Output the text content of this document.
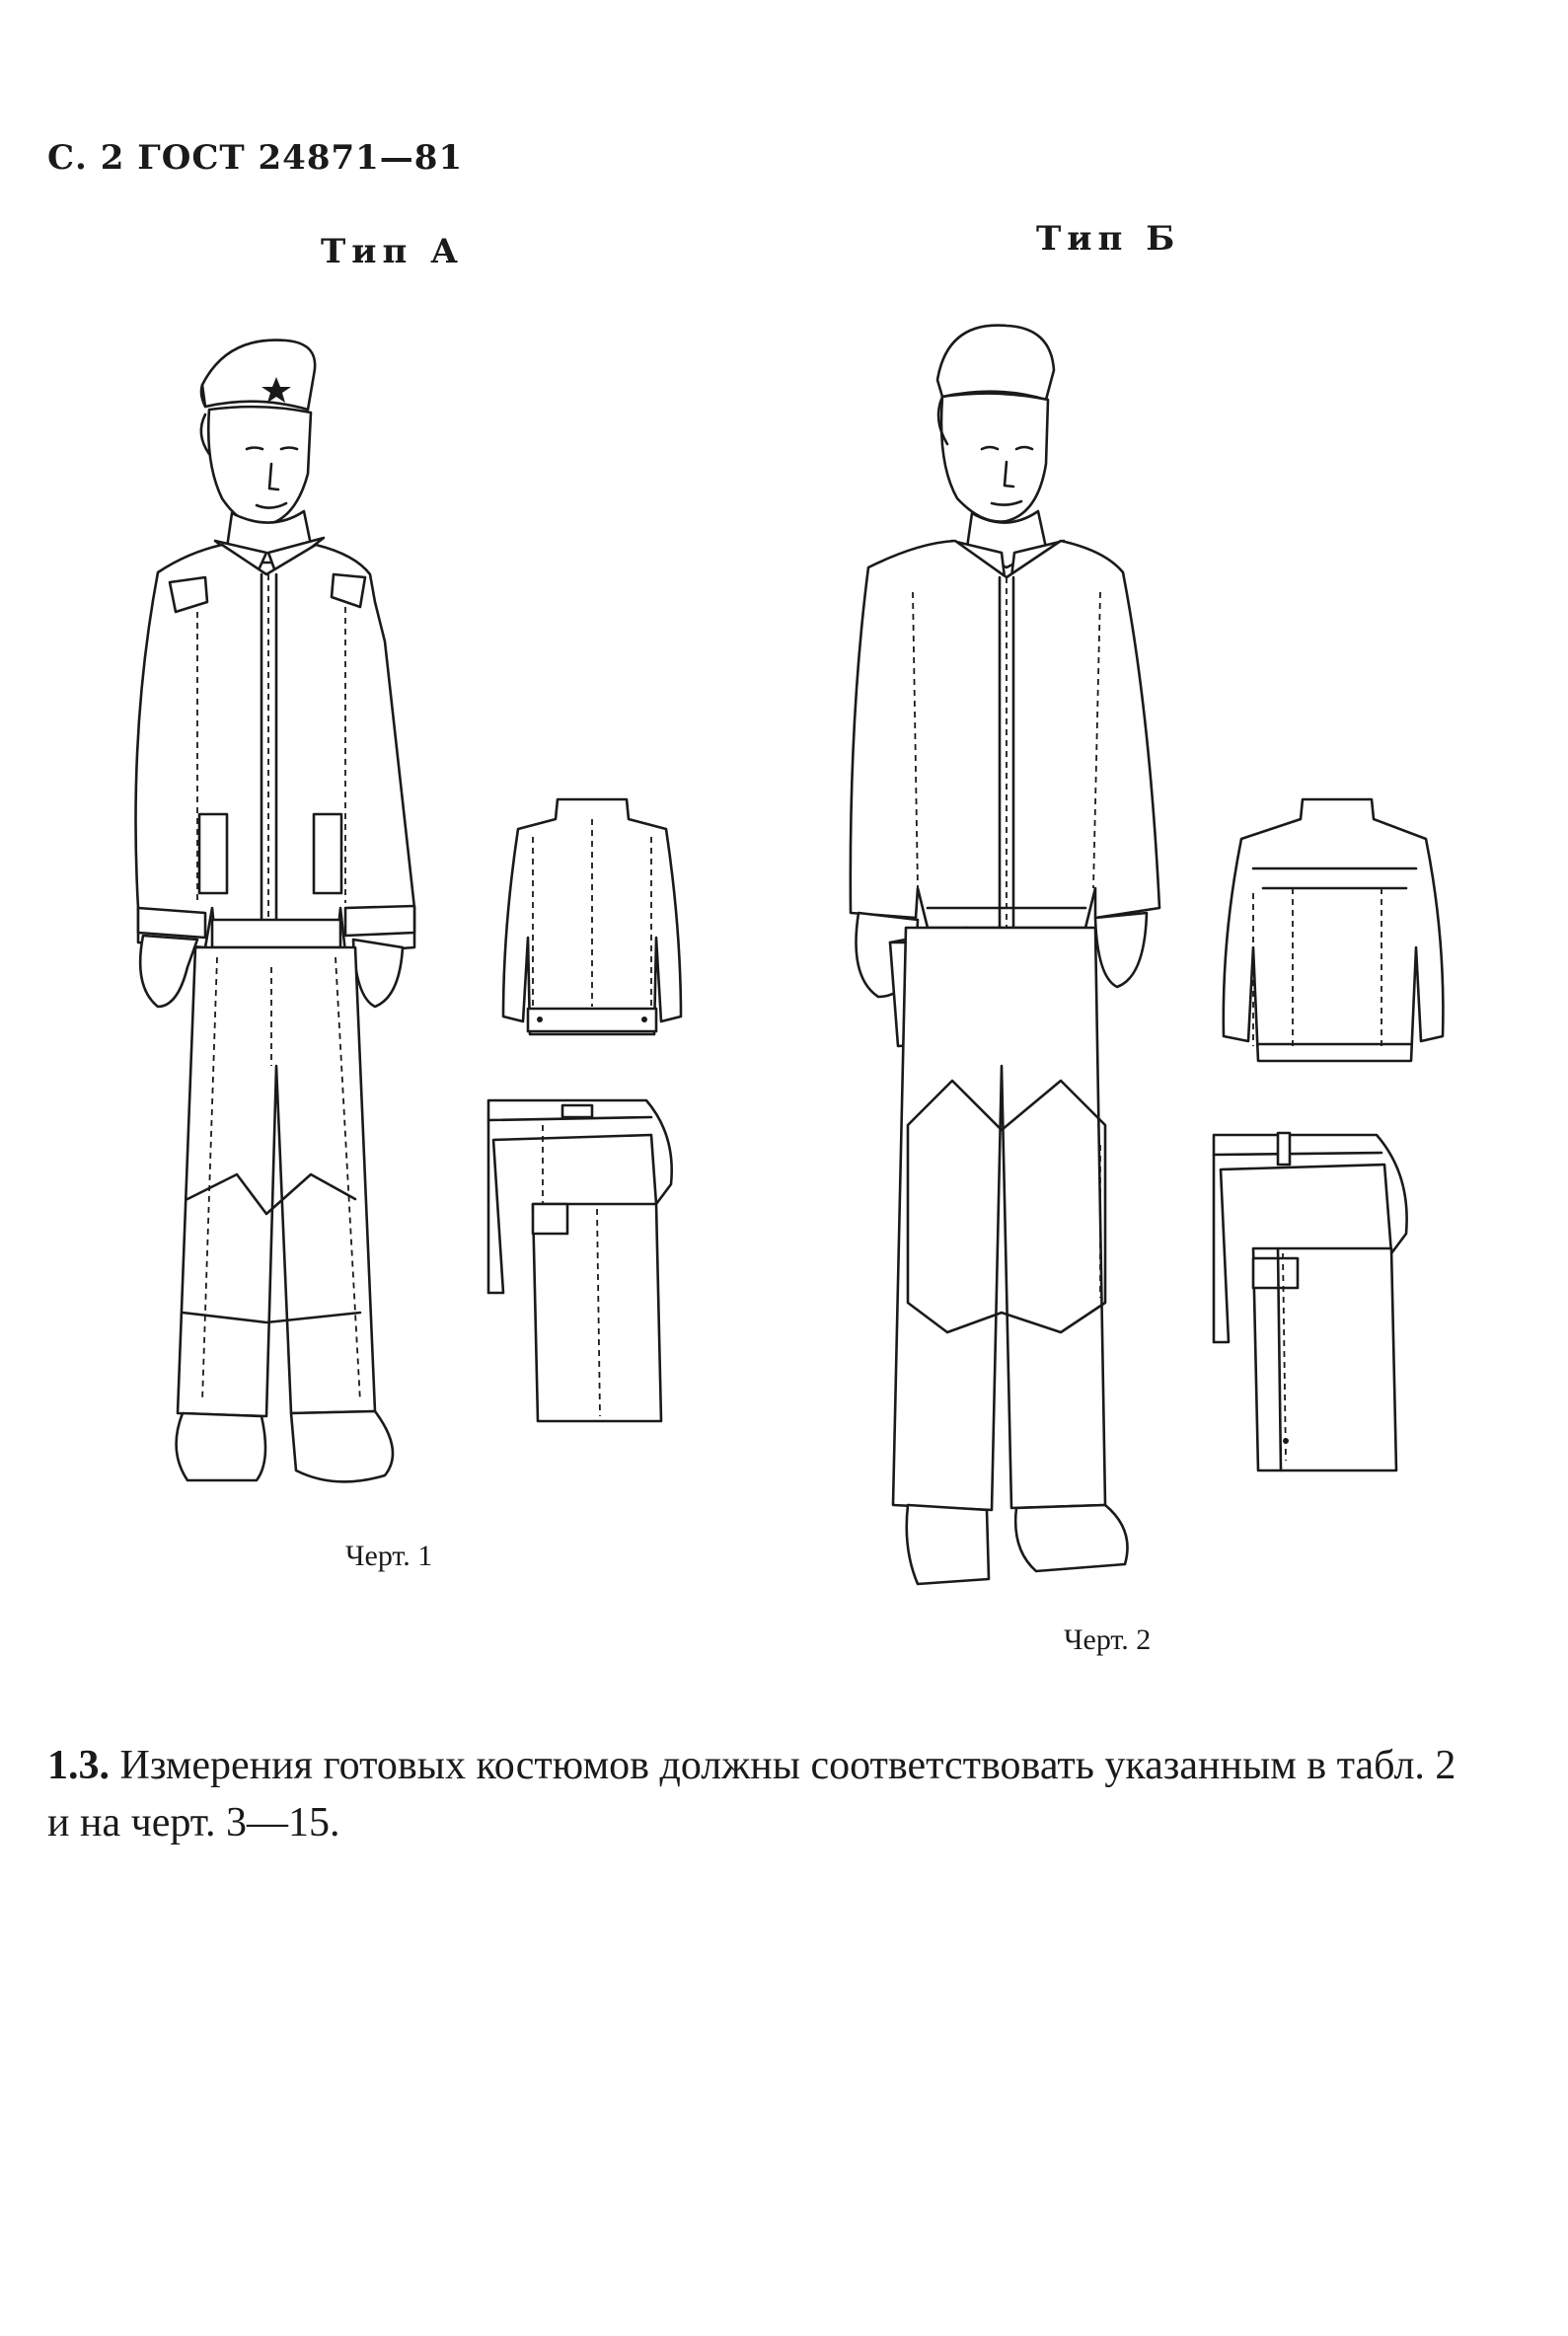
С. 2 ГОСТ 24871—81
Тип А	Тип Б
Черт. 1
Черт. 2
1.3. Измерения готовых костюмов должны соответствовать указанным в табл. 2 и на черт. 3—15.
